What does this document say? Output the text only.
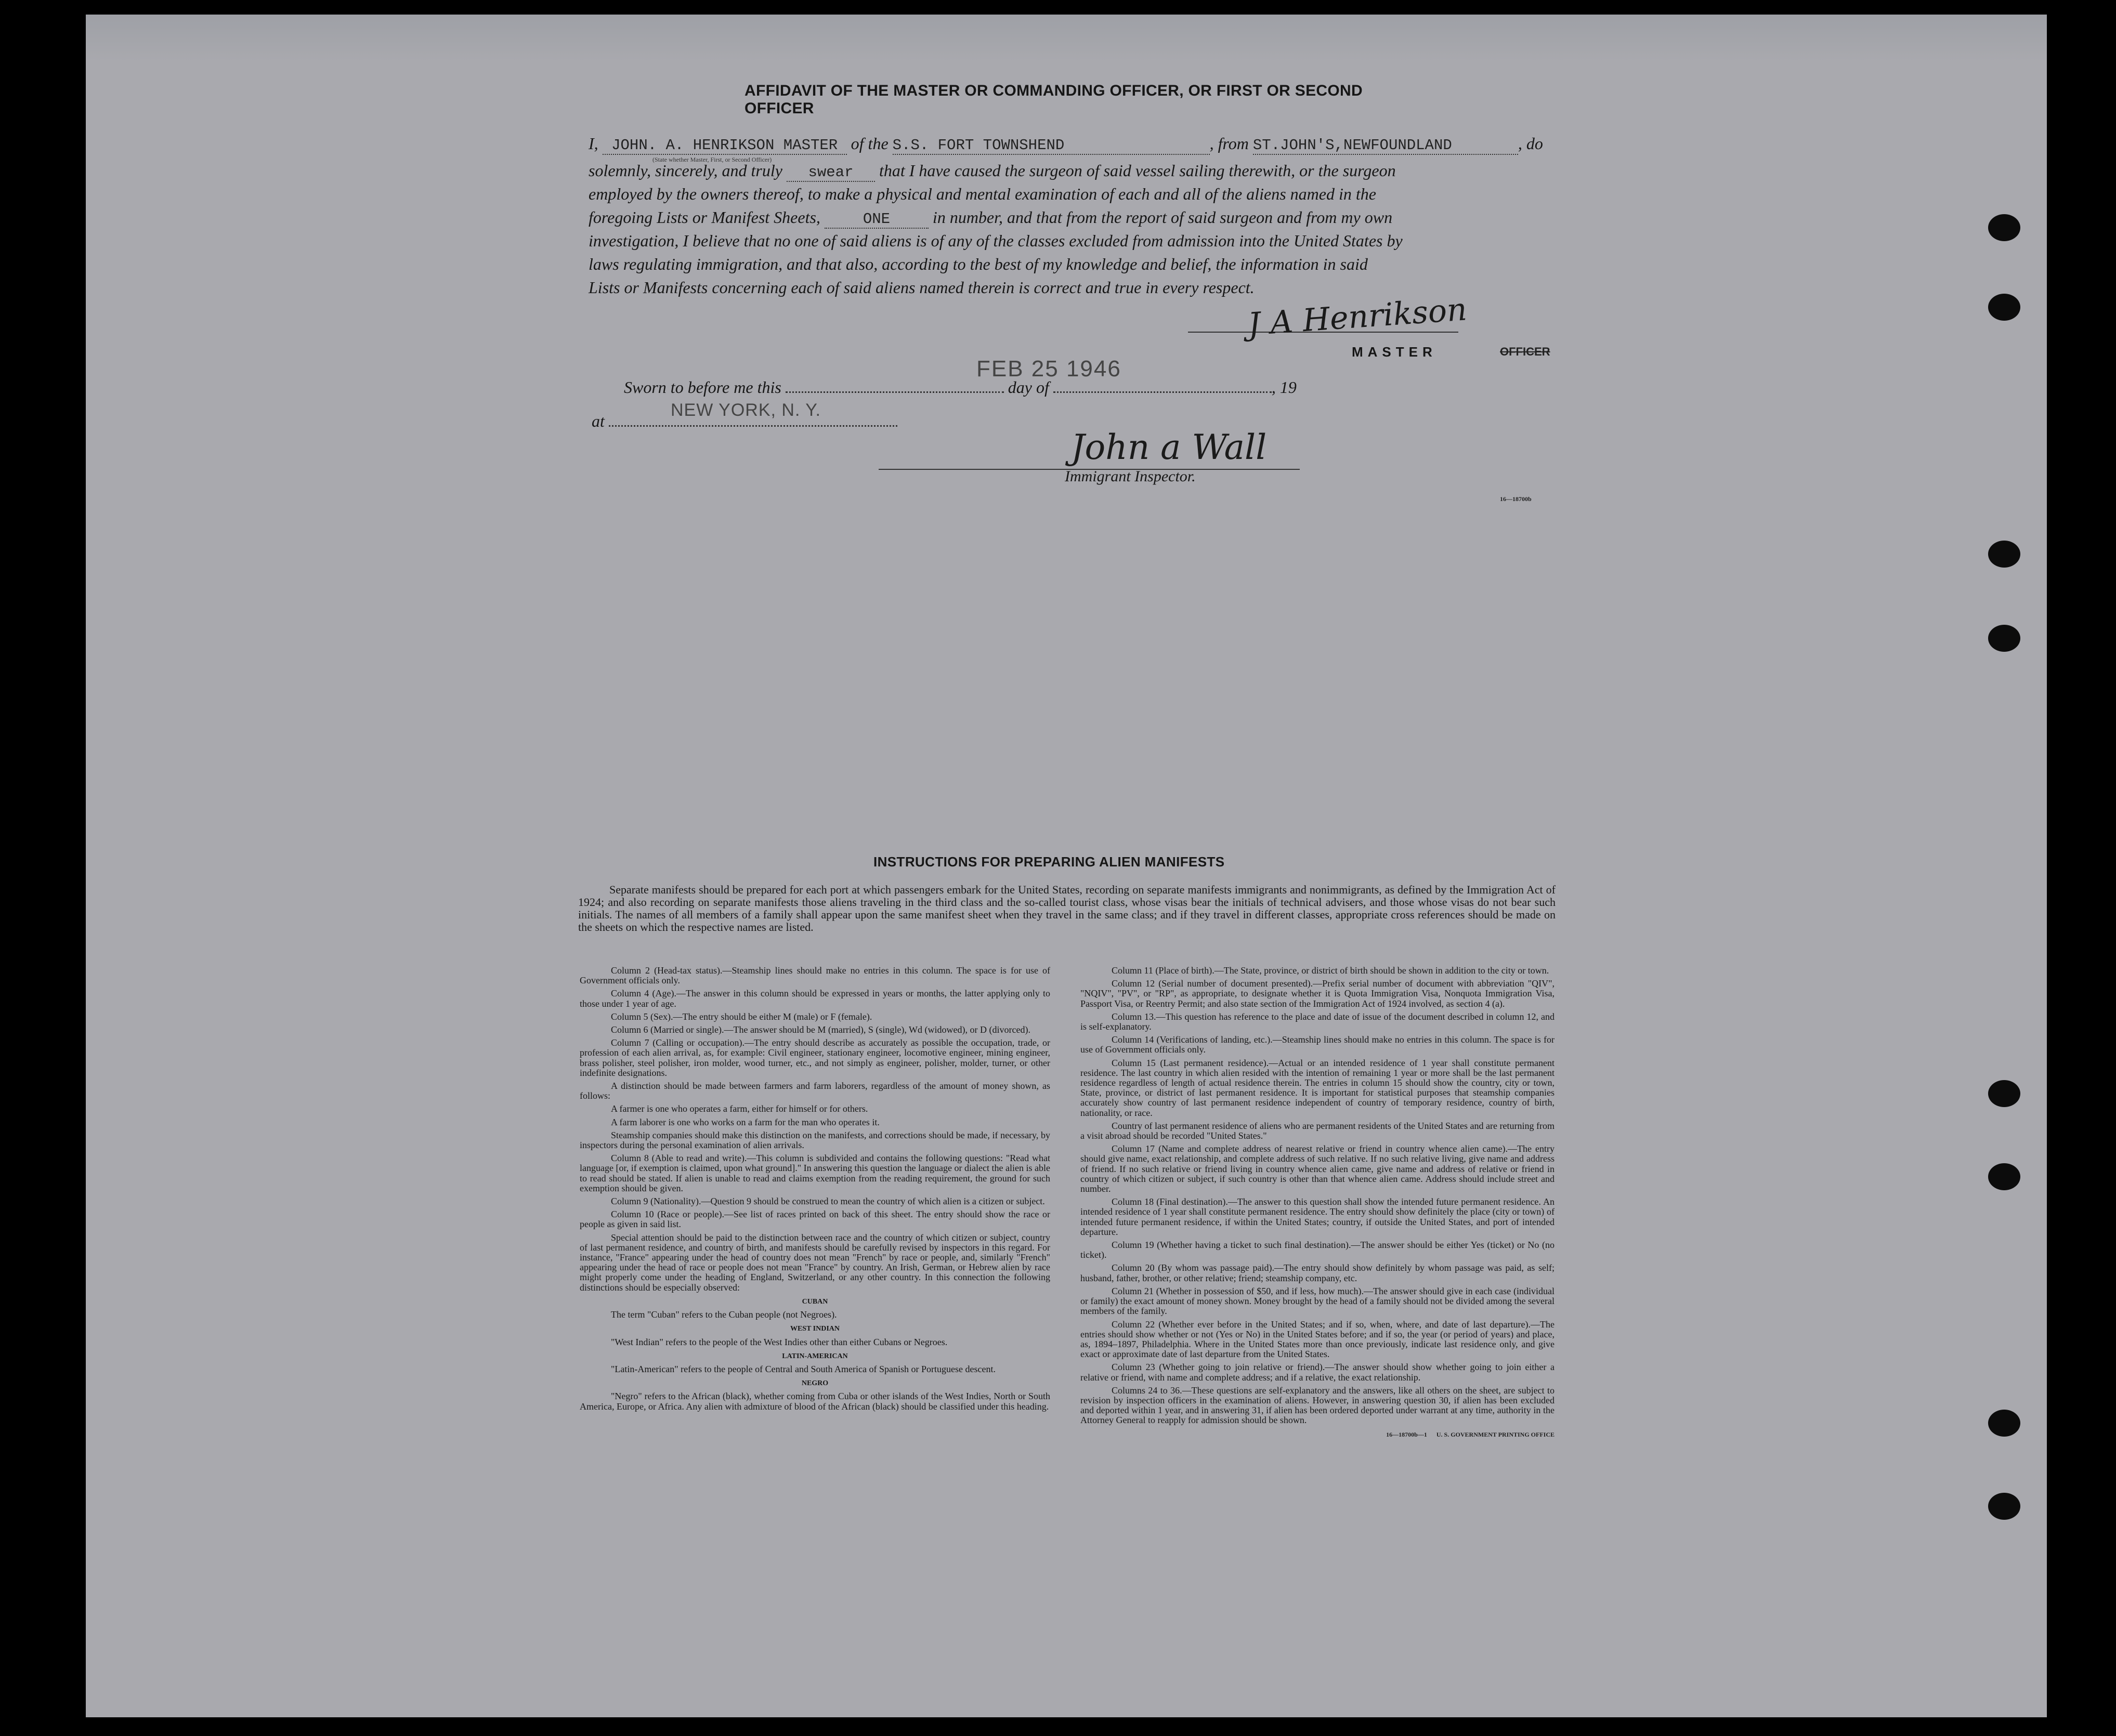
AFFIDAVIT OF THE MASTER OR COMMANDING OFFICER, OR FIRST OR SECOND OFFICER
I, JOHN. A. HENRIKSON MASTER of the S.S. FORT TOWNSHEND	, from ST.JOHN'S,NEWFOUNDLAND	, do
(State whether Master, First, or Second Officer)
solemnly, sincerely, and truly swear that I have caused the surgeon of said vessel sailing therewith, or the surgeon
employed by the owners thereof, to make a physical and mental examination of each and all of the aliens named in the
foregoing Lists or Manifest Sheets,	ONE	in number, and that from the report of said surgeon and from my own
investigation, I believe that no one of said aliens is of any of the classes excluded from admission into the United States by
laws regulating immigration, and that also, according to the best of my knowledge and belief, the information in said
Lists or Manifests concerning each of said aliens named therein is correct and true in every respect.
J A Henrikson
MASTER	OFFICER
Sworn to before me this	day of	, 19
FEB 25 1946
at
NEW YORK, N. Y.
John a Wall
Immigrant Inspector.
16—18700b
INSTRUCTIONS FOR PREPARING ALIEN MANIFESTS
Separate manifests should be prepared for each port at which passengers embark for the United States, recording on separate manifests immigrants and nonimmigrants, as defined by the Immigration Act of 1924; and also recording on separate manifests those aliens traveling in the third class and the so-called tourist class, whose visas bear the initials of technical advisers, and those whose visas do not bear such initials. The names of all members of a family shall appear upon the same manifest sheet when they travel in the same class; and if they travel in different classes, appropriate cross references should be made on the sheets on which the respective names are listed.

Column 2 (Head-tax status).—Steamship lines should make no entries in this column. The space is for use of Government officials only.

Column 4 (Age).—The answer in this column should be expressed in years or months, the latter applying only to those under 1 year of age.

Column 5 (Sex).—The entry should be either M (male) or F (female).

Column 6 (Married or single).—The answer should be M (married), S (single), Wd (widowed), or D (divorced).

Column 7 (Calling or occupation).—The entry should describe as accurately as possible the occupation, trade, or profession of each alien arrival, as, for example: Civil engineer, stationary engineer, locomotive engineer, mining engineer, brass polisher, steel polisher, iron molder, wood turner, etc., and not simply as engineer, polisher, molder, turner, or other indefinite designations.

A distinction should be made between farmers and farm laborers, regardless of the amount of money shown, as follows:

A farmer is one who operates a farm, either for himself or for others.

A farm laborer is one who works on a farm for the man who operates it.

Steamship companies should make this distinction on the manifests, and corrections should be made, if necessary, by inspectors during the personal examination of alien arrivals.

Column 8 (Able to read and write).—This column is subdivided and contains the following questions: "Read what language [or, if exemption is claimed, upon what ground]." In answering this question the language or dialect the alien is able to read should be stated. If alien is unable to read and claims exemption from the reading requirement, the ground for such exemption should be given.

Column 9 (Nationality).—Question 9 should be construed to mean the country of which alien is a citizen or subject.

Column 10 (Race or people).—See list of races printed on back of this sheet. The entry should show the race or people as given in said list.

Special attention should be paid to the distinction between race and the country of which citizen or subject, country of last permanent residence, and country of birth, and manifests should be carefully revised by inspectors in this regard. For instance, "France" appearing under the head of country does not mean "French" by race or people, and, similarly "French" appearing under the head of race or people does not mean "France" by country. An Irish, German, or Hebrew alien by race might properly come under the heading of England, Switzerland, or any other country. In this connection the following distinctions should be especially observed:

CUBAN

The term "Cuban" refers to the Cuban people (not Negroes).

WEST INDIAN

"West Indian" refers to the people of the West Indies other than either Cubans or Negroes.

LATIN-AMERICAN

"Latin-American" refers to the people of Central and South America of Spanish or Portuguese descent.

NEGRO

"Negro" refers to the African (black), whether coming from Cuba or other islands of the West Indies, North or South America, Europe, or Africa. Any alien with admixture of blood of the African (black) should be classified under this heading.

Column 11 (Place of birth).—The State, province, or district of birth should be shown in addition to the city or town.

Column 12 (Serial number of document presented).—Prefix serial number of document with abbreviation "QIV", "NQIV", "PV", or "RP", as appropriate, to designate whether it is Quota Immigration Visa, Nonquota Immigration Visa, Passport Visa, or Reentry Permit; and also state section of the Immigration Act of 1924 involved, as section 4 (a).

Column 13.—This question has reference to the place and date of issue of the document described in column 12, and is self-explanatory.

Column 14 (Verifications of landing, etc.).—Steamship lines should make no entries in this column. The space is for use of Government officials only.

Column 15 (Last permanent residence).—Actual or an intended residence of 1 year shall constitute permanent residence. The last country in which alien resided with the intention of remaining 1 year or more shall be the last permanent residence regardless of length of actual residence therein. The entries in column 15 should show the country, city or town, State, province, or district of last permanent residence. It is important for statistical purposes that steamship companies accurately show country of last permanent residence independent of country of temporary residence, country of birth, nationality, or race.

Country of last permanent residence of aliens who are permanent residents of the United States and are returning from a visit abroad should be recorded "United States."

Column 17 (Name and complete address of nearest relative or friend in country whence alien came).—The entry should give name, exact relationship, and complete address of such relative. If no such relative living, give name and address of friend. If no such relative or friend living in country whence alien came, give name and address of relative or friend in country of which citizen or subject, if such country is other than that whence alien came. Address should include street and number.

Column 18 (Final destination).—The answer to this question shall show the intended future permanent residence. An intended residence of 1 year shall constitute permanent residence. The entry should show definitely the place (city or town) of intended future permanent residence, if within the United States; country, if outside the United States, and port of intended departure.

Column 19 (Whether having a ticket to such final destination).—The answer should be either Yes (ticket) or No (no ticket).

Column 20 (By whom was passage paid).—The entry should show definitely by whom passage was paid, as self; husband, father, brother, or other relative; friend; steamship company, etc.

Column 21 (Whether in possession of $50, and if less, how much).—The answer should give in each case (individual or family) the exact amount of money shown. Money brought by the head of a family should not be divided among the several members of the family.

Column 22 (Whether ever before in the United States; and if so, when, where, and date of last departure).—The entries should show whether or not (Yes or No) in the United States before; and if so, the year (or period of years) and place, as, 1894–1897, Philadelphia. Where in the United States more than once previously, indicate last residence only, and give exact or approximate date of last departure from the United States.

Column 23 (Whether going to join relative or friend).—The answer should show whether going to join either a relative or friend, with name and complete address; and if a relative, the exact relationship.

Columns 24 to 36.—These questions are self-explanatory and the answers, like all others on the sheet, are subject to revision by inspection officers in the examination of aliens. However, in answering question 30, if alien has been excluded and deported within 1 year, and in answering 31, if alien has been ordered deported under warrant at any time, authority in the Attorney General to reapply for admission should be shown.

16—18700b—1 U. S. GOVERNMENT PRINTING OFFICE
